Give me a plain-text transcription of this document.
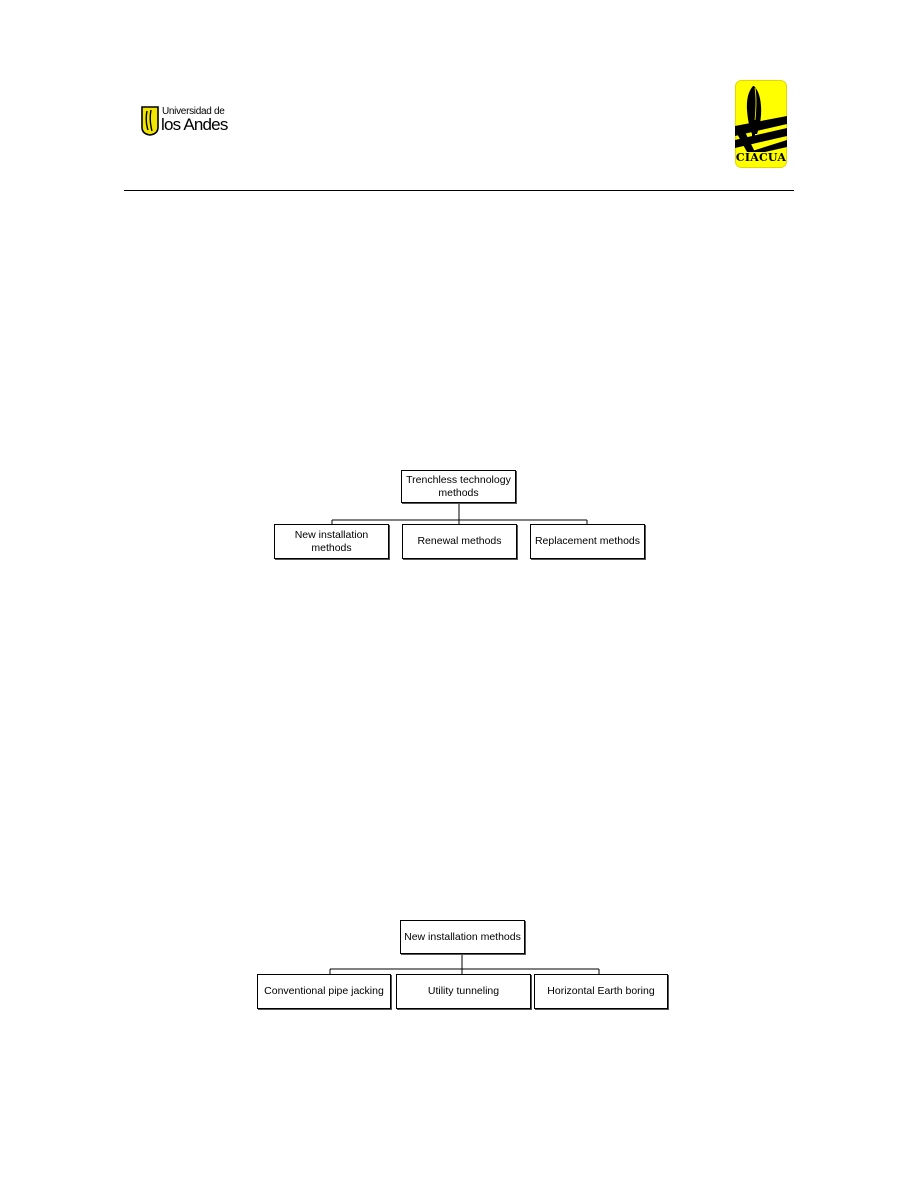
Universidad de
los Andes
CIACUA
Trenchless technology methods
New installation methods
Renewal methods	Replacement methods
New installation methods
Conventional pipe jacking	Utility tunneling	Horizontal Earth boring
